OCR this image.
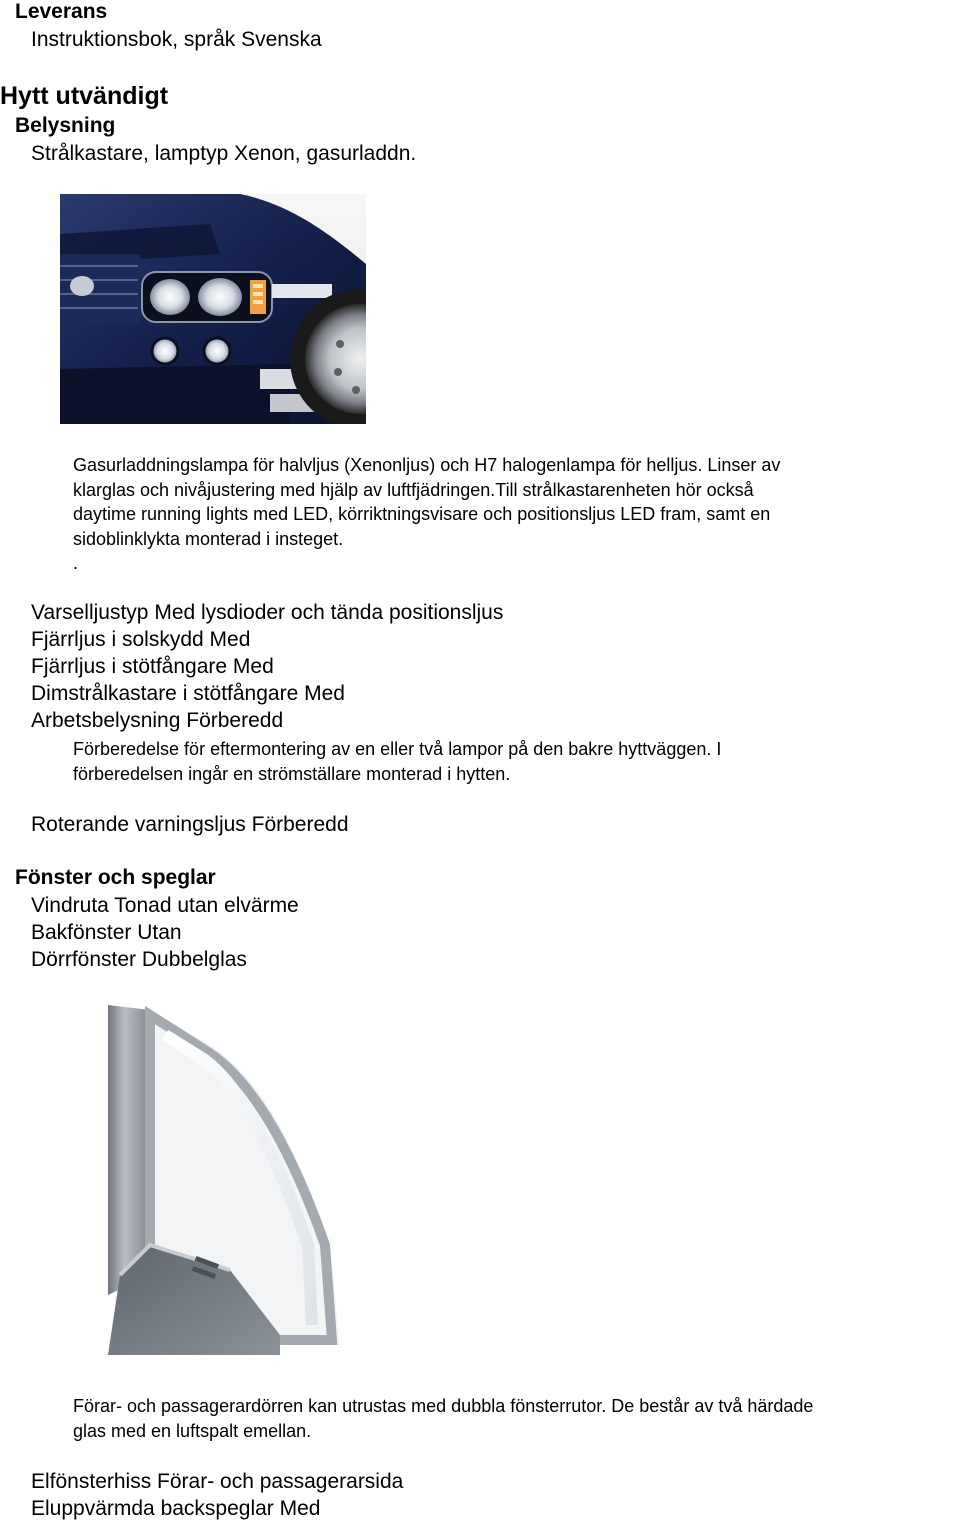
Leverans
Instruktionsbok, språk Svenska
Hytt utvändigt
Belysning
Strålkastare, lamptyp Xenon, gasurladdn.
Gasurladdningslampa för halvljus (Xenonljus) och H7 halogenlampa för helljus. Linser av
klarglas och nivåjustering med hjälp av luftfjädringen.Till strålkastarenheten hör också
daytime running lights med LED, körriktningsvisare och positionsljus LED fram, samt en
sidoblinklykta monterad i insteget.
.
Varselljustyp Med lysdioder och tända positionsljus
Fjärrljus i solskydd Med
Fjärrljus i stötfångare Med
Dimstrålkastare i stötfångare Med
Arbetsbelysning Förberedd
Förberedelse för eftermontering av en eller två lampor på den bakre hyttväggen. I
förberedelsen ingår en strömställare monterad i hytten.
Roterande varningsljus Förberedd
Fönster och speglar
Vindruta Tonad utan elvärme
Bakfönster Utan
Dörrfönster Dubbelglas
Förar- och passagerardörren kan utrustas med dubbla fönsterrutor. De består av två härdade
glas med en luftspalt emellan.
Elfönsterhiss Förar- och passagerarsida
Eluppvärmda backspeglar Med
